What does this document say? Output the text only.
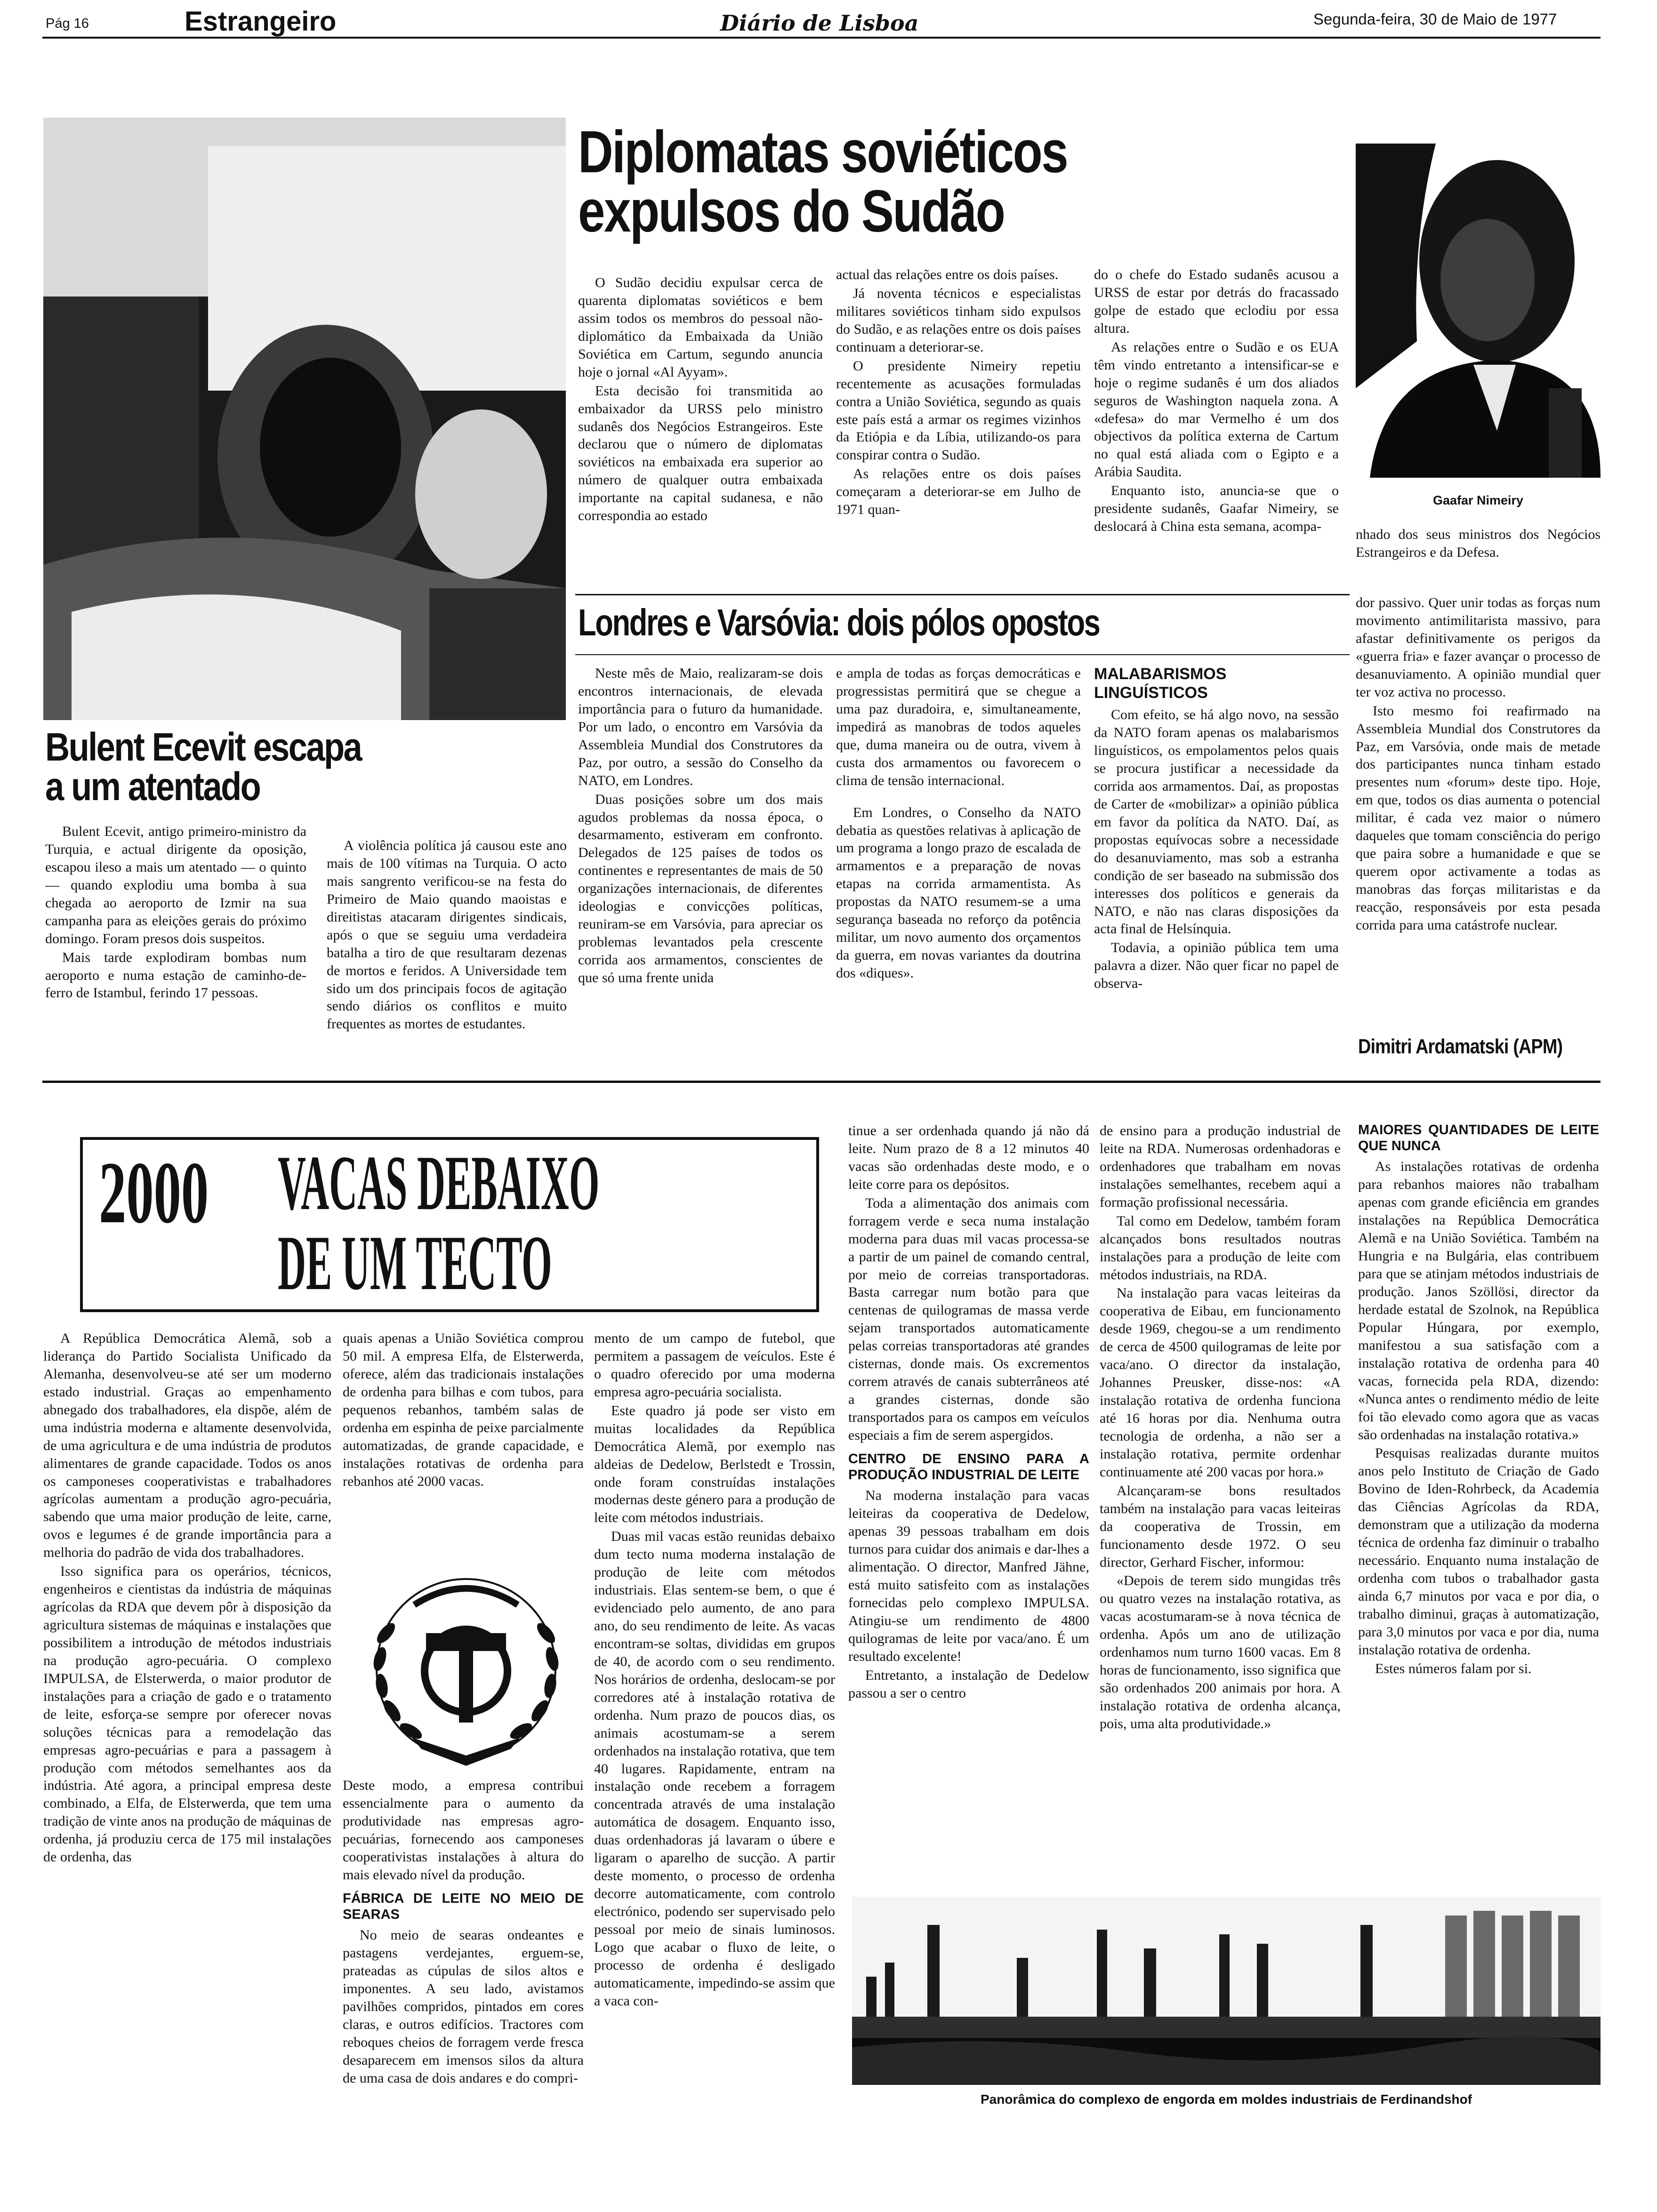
Pág 16	Estrangeiro	Diário de Lisboa	Segunda-feira, 30 de Maio de 1977
Bulent Ecevit escapa
a um atentado

Bulent Ecevit, antigo primeiro-ministro da Turquia, e actual dirigente da oposição, escapou ileso a mais um atentado — o quinto — quando explodiu uma bomba à sua chegada ao aeroporto de Izmir na sua campanha para as eleições gerais do próximo domingo. Foram presos dois suspeitos.

Mais tarde explodiram bombas num aeroporto e numa estação de caminho-de-ferro de Istambul, ferindo 17 pessoas.

A violência política já causou este ano mais de 100 vítimas na Turquia. O acto mais sangrento verificou-se na festa do Primeiro de Maio quando maoistas e direitistas atacaram dirigentes sindicais, após o que se seguiu uma verdadeira batalha a tiro de que resultaram dezenas de mortos e feridos. A Universidade tem sido um dos principais focos de agitação sendo diários os conflitos e muito frequentes as mortes de estudantes.

Diplomatas soviéticos
expulsos do Sudão

O Sudão decidiu expulsar cerca de quarenta diplomatas soviéticos e bem assim todos os membros do pessoal não-diplomático da Embaixada da União Soviética em Cartum, segundo anuncia hoje o jornal «Al Ayyam».

Esta decisão foi transmitida ao embaixador da URSS pelo ministro sudanês dos Negócios Estrangeiros. Este declarou que o número de diplomatas soviéticos na embaixada era superior ao número de qualquer outra embaixada importante na capital sudanesa, e não correspondia ao estado

actual das relações entre os dois países.

Já noventa técnicos e especialistas militares soviéticos tinham sido expulsos do Sudão, e as relações entre os dois países continuam a deteriorar-se.

O presidente Nimeiry repetiu recentemente as acusações formuladas contra a União Soviética, segundo as quais este país está a armar os regimes vizinhos da Etiópia e da Líbia, utilizando-os para conspirar contra o Sudão.

As relações entre os dois países começaram a deteriorar-se em Julho de 1971 quan-

do o chefe do Estado sudanês acusou a URSS de estar por detrás do fracassado golpe de estado que eclodiu por essa altura.

As relações entre o Sudão e os EUA têm vindo entretanto a intensificar-se e hoje o regime sudanês é um dos aliados seguros de Washington naquela zona. A «defesa» do mar Vermelho é um dos objectivos da política externa de Cartum no qual está aliada com o Egipto e a Arábia Saudita.

Enquanto isto, anuncia-se que o presidente sudanês, Gaafar Nimeiry, se deslocará à China esta semana, acompa-

Gaafar Nimeiry

nhado dos seus ministros dos Negócios Estrangeiros e da Defesa.

Londres e Varsóvia: dois pólos opostos

Neste mês de Maio, realizaram-se dois encontros internacionais, de elevada importância para o futuro da humanidade. Por um lado, o encontro em Varsóvia da Assembleia Mundial dos Construtores da Paz, por outro, a sessão do Conselho da NATO, em Londres.

Duas posições sobre um dos mais agudos problemas da nossa época, o desarmamento, estiveram em confronto. Delegados de 125 países de todos os continentes e representantes de mais de 50 organizações internacionais, de diferentes ideologias e convicções políticas, reuniram-se em Varsóvia, para apreciar os problemas levantados pela crescente corrida aos armamentos, conscientes de que só uma frente unida

e ampla de todas as forças democráticas e progressistas permitirá que se chegue a uma paz duradoira, e, simultaneamente, impedirá as manobras de todos aqueles que, duma maneira ou de outra, vivem à custa dos armamentos ou favorecem o clima de tensão internacional.

Em Londres, o Conselho da NATO debatia as questões relativas à aplicação de um programa a longo prazo de escalada de armamentos e a preparação de novas etapas na corrida armamentista. As propostas da NATO resumem-se a uma segurança baseada no reforço da potência militar, um novo aumento dos orçamentos da guerra, em novas variantes da doutrina dos «diques».

MALABARISMOS LINGUÍSTICOS

Com efeito, se há algo novo, na sessão da NATO foram apenas os malabarismos linguísticos, os empolamentos pelos quais se procura justificar a necessidade da corrida aos armamentos. Daí, as propostas de Carter de «mobilizar» a opinião pública em favor da política da NATO. Daí, as propostas equívocas sobre a necessidade do desanuviamento, mas sob a estranha condição de ser baseado na submissão dos interesses dos políticos e generais da NATO, e não nas claras disposições da acta final de Helsínquia.

Todavia, a opinião pública tem uma palavra a dizer. Não quer ficar no papel de observa-

dor passivo. Quer unir todas as forças num movimento antimilitarista massivo, para afastar definitivamente os perigos da «guerra fria» e fazer avançar o processo de desanuviamento. A opinião mundial quer ter voz activa no processo.

Isto mesmo foi reafirmado na Assembleia Mundial dos Construtores da Paz, em Varsóvia, onde mais de metade dos participantes nunca tinham estado presentes num «forum» deste tipo. Hoje, em que, todos os dias aumenta o potencial militar, é cada vez maior o número daqueles que tomam consciência do perigo que paira sobre a humanidade e que se querem opor activamente a todas as manobras das forças militaristas e da reacção, responsáveis por esta pesada corrida para uma catástrofe nuclear.

Dimitri Ardamatski (APM)
2000 VACAS DEBAIXO
DE UM TECTO

A República Democrática Alemã, sob a liderança do Partido Socialista Unificado da Alemanha, desenvolveu-se até ser um moderno estado industrial. Graças ao empenhamento abnegado dos trabalhadores, ela dispõe, além de uma indústria moderna e altamente desenvolvida, de uma agricultura e de uma indústria de produtos alimentares de grande capacidade. Todos os anos os camponeses cooperativistas e trabalhadores agrícolas aumentam a produção agro-pecuária, sabendo que uma maior produção de leite, carne, ovos e legumes é de grande importância para a melhoria do padrão de vida dos trabalhadores.

Isso significa para os operários, técnicos, engenheiros e cientistas da indústria de máquinas agrícolas da RDA que devem pôr à disposição da agricultura sistemas de máquinas e instalações que possibilitem a introdução de métodos industriais na produção agro-pecuária. O complexo IMPULSA, de Elsterwerda, o maior produtor de instalações para a criação de gado e o tratamento de leite, esforça-se sempre por oferecer novas soluções técnicas para a remodelação das empresas agro-pecuárias e para a passagem à produção com métodos semelhantes aos da indústria. Até agora, a principal empresa deste combinado, a Elfa, de Elsterwerda, que tem uma tradição de vinte anos na produção de máquinas de ordenha, já produziu cerca de 175 mil instalações de ordenha, das

quais apenas a União Soviética comprou 50 mil. A empresa Elfa, de Elsterwerda, oferece, além das tradicionais instalações de ordenha para bilhas e com tubos, para pequenos rebanhos, também salas de ordenha em espinha de peixe parcialmente automatizadas, de grande capacidade, e instalações rotativas de ordenha para rebanhos até 2000 vacas.

Deste modo, a empresa contribui essencialmente para o aumento da produtividade nas empresas agro-pecuárias, fornecendo aos camponeses cooperativistas instalações à altura do mais elevado nível da produção.

FÁBRICA DE LEITE NO MEIO DE SEARAS

No meio de searas ondeantes e pastagens verdejantes, erguem-se, prateadas as cúpulas de silos altos e imponentes. A seu lado, avistamos pavilhões compridos, pintados em cores claras, e outros edifícios. Tractores com reboques cheios de forragem verde fresca desaparecem em imensos silos da altura de uma casa de dois andares e do compri-

mento de um campo de futebol, que permitem a passagem de veículos. Este é o quadro oferecido por uma moderna empresa agro-pecuária socialista.

Este quadro já pode ser visto em muitas localidades da República Democrática Alemã, por exemplo nas aldeias de Dedelow, Berlstedt e Trossin, onde foram construídas instalações modernas deste género para a produção de leite com métodos industriais.

Duas mil vacas estão reunidas debaixo dum tecto numa moderna instalação de produção de leite com métodos industriais. Elas sentem-se bem, o que é evidenciado pelo aumento, de ano para ano, do seu rendimento de leite. As vacas encontram-se soltas, divididas em grupos de 40, de acordo com o seu rendimento. Nos horários de ordenha, deslocam-se por corredores até à instalação rotativa de ordenha. Num prazo de poucos dias, os animais acostumam-se a serem ordenhados na instalação rotativa, que tem 40 lugares. Rapidamente, entram na instalação onde recebem a forragem concentrada através de uma instalação automática de dosagem. Enquanto isso, duas ordenhadoras já lavaram o úbere e ligaram o aparelho de sucção. A partir deste momento, o processo de ordenha decorre automaticamente, com controlo electrónico, podendo ser supervisado pelo pessoal por meio de sinais luminosos. Logo que acabar o fluxo de leite, o processo de ordenha é desligado automaticamente, impedindo-se assim que a vaca con-

tinue a ser ordenhada quando já não dá leite. Num prazo de 8 a 12 minutos 40 vacas são ordenhadas deste modo, e o leite corre para os depósitos.

Toda a alimentação dos animais com forragem verde e seca numa instalação moderna para duas mil vacas processa-se a partir de um painel de comando central, por meio de correias transportadoras. Basta carregar num botão para que centenas de quilogramas de massa verde sejam transportados automaticamente pelas correias transportadoras até grandes cisternas, donde mais. Os excrementos correm através de canais subterrâneos até a grandes cisternas, donde são transportados para os campos em veículos especiais a fim de serem aspergidos.

CENTRO DE ENSINO PARA A PRODUÇÃO INDUSTRIAL DE LEITE

Na moderna instalação para vacas leiteiras da cooperativa de Dedelow, apenas 39 pessoas trabalham em dois turnos para cuidar dos animais e dar-lhes a alimentação. O director, Manfred Jähne, está muito satisfeito com as instalações fornecidas pelo complexo IMPULSA. Atingiu-se um rendimento de 4800 quilogramas de leite por vaca/ano. É um resultado excelente!

Entretanto, a instalação de Dedelow passou a ser o centro

de ensino para a produção industrial de leite na RDA. Numerosas ordenhadoras e ordenhadores que trabalham em novas instalações semelhantes, recebem aqui a formação profissional necessária.

Tal como em Dedelow, também foram alcançados bons resultados noutras instalações para a produção de leite com métodos industriais, na RDA.

Na instalação para vacas leiteiras da cooperativa de Eibau, em funcionamento desde 1969, chegou-se a um rendimento de cerca de 4500 quilogramas de leite por vaca/ano. O director da instalação, Johannes Preusker, disse-nos: «A instalação rotativa de ordenha funciona até 16 horas por dia. Nenhuma outra tecnologia de ordenha, a não ser a instalação rotativa, permite ordenhar continuamente até 200 vacas por hora.»

Alcançaram-se bons resultados também na instalação para vacas leiteiras da cooperativa de Trossin, em funcionamento desde 1972. O seu director, Gerhard Fischer, informou:

«Depois de terem sido mungidas três ou quatro vezes na instalação rotativa, as vacas acostumaram-se à nova técnica de ordenha. Após um ano de utilização ordenhamos num turno 1600 vacas. Em 8 horas de funcionamento, isso significa que são ordenhados 200 animais por hora. A instalação rotativa de ordenha alcança, pois, uma alta produtividade.»

MAIORES QUANTIDADES DE LEITE QUE NUNCA

As instalações rotativas de ordenha para rebanhos maiores não trabalham apenas com grande eficiência em grandes instalações na República Democrática Alemã e na União Soviética. Também na Hungria e na Bulgária, elas contribuem para que se atinjam métodos industriais de produção. Janos Szöllösi, director da herdade estatal de Szolnok, na República Popular Húngara, por exemplo, manifestou a sua satisfação com a instalação rotativa de ordenha para 40 vacas, fornecida pela RDA, dizendo: «Nunca antes o rendimento médio de leite foi tão elevado como agora que as vacas são ordenhadas na instalação rotativa.»

Pesquisas realizadas durante muitos anos pelo Instituto de Criação de Gado Bovino de Iden-Rohrbeck, da Academia das Ciências Agrícolas da RDA, demonstram que a utilização da moderna técnica de ordenha faz diminuir o trabalho necessário. Enquanto numa instalação de ordenha com tubos o trabalhador gasta ainda 6,7 minutos por vaca e por dia, o trabalho diminui, graças à automatização, para 3,0 minutos por vaca e por dia, numa instalação rotativa de ordenha.

Estes números falam por si.

Panorâmica do complexo de engorda em moldes industriais de Ferdinandshof
